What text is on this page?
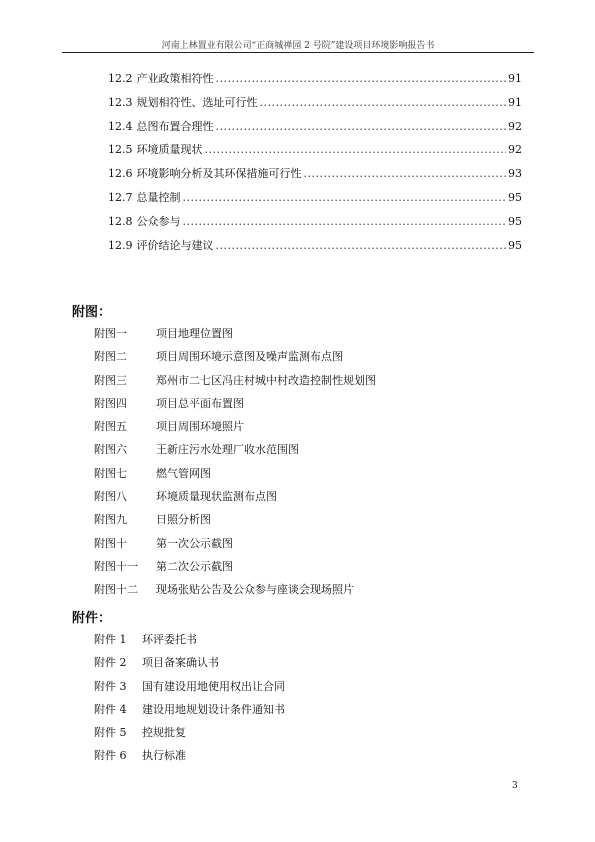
河南上林置业有限公司“正商城禅园 2 号院”建设项目环境影响报告书
12.2 产业政策相符性 .....	91
12.3 规划相符性、选址可行性 .....	91
12.4 总图布置合理性 .....	92
12.5 环境质量现状 .....	92
12.6 环境影响分析及其环保措施可行性 .....	93
12.7 总量控制 .....	95
12.8 公众参与 .....	95
12.9 评价结论与建议 .....	95
附图：
附图一	项目地理位置图
附图二	项目周围环境示意图及噪声监测布点图
附图三	郑州市二七区冯庄村城中村改造控制性规划图
附图四	项目总平面布置图
附图五	项目周围环境照片
附图六	王新庄污水处理厂收水范围图
附图七	燃气管网图
附图八	环境质量现状监测布点图
附图九	日照分析图
附图十	第一次公示截图
附图十一	第二次公示截图
附图十二	现场张贴公告及公众参与座谈会现场照片
附件：
附件 1	环评委托书
附件 2	项目备案确认书
附件 3	国有建设用地使用权出让合同
附件 4	建设用地规划设计条件通知书
附件 5	控规批复
附件 6	执行标准
3
